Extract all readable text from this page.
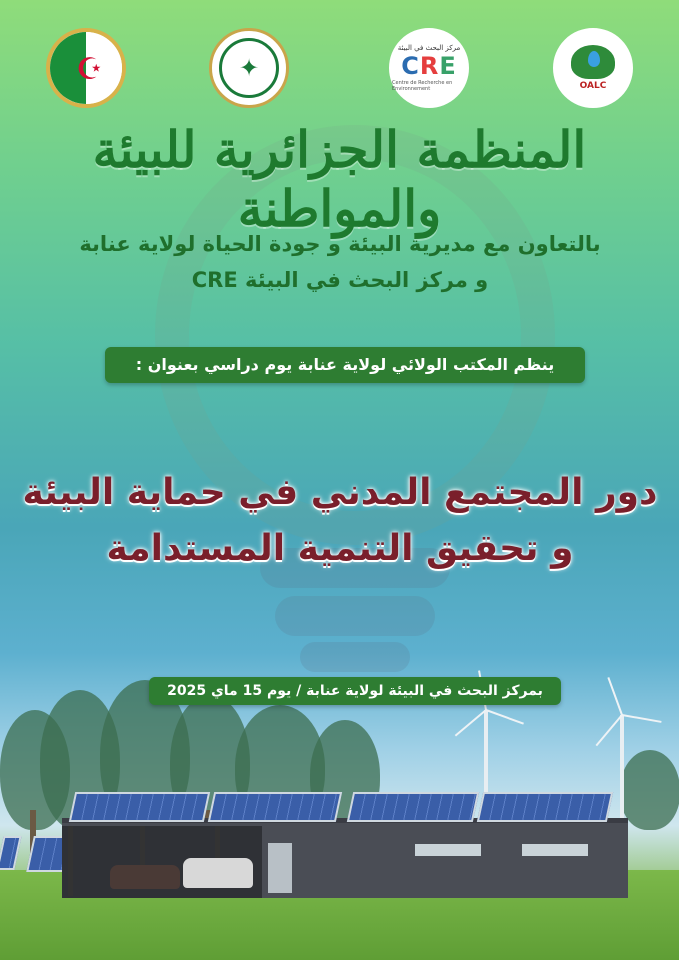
☪	✦
مركز البحث في البيئة
CRE
Centre de Recherche en Environnement	OALC
المنظمة الجزائرية للبيئة والمواطنة
بالتعاون مع مديرية البيئة و جودة الحياة لولاية عنابة
و مركز البحث في البيئة CRE
ينظم المكتب الولائي لولاية عنابة يوم دراسي بعنوان :
دور المجتمع المدني في حماية البيئة
و تحقيق التنمية المستدامة
بمركز البحث في البيئة لولاية عنابة / يوم 15 ماي 2025
